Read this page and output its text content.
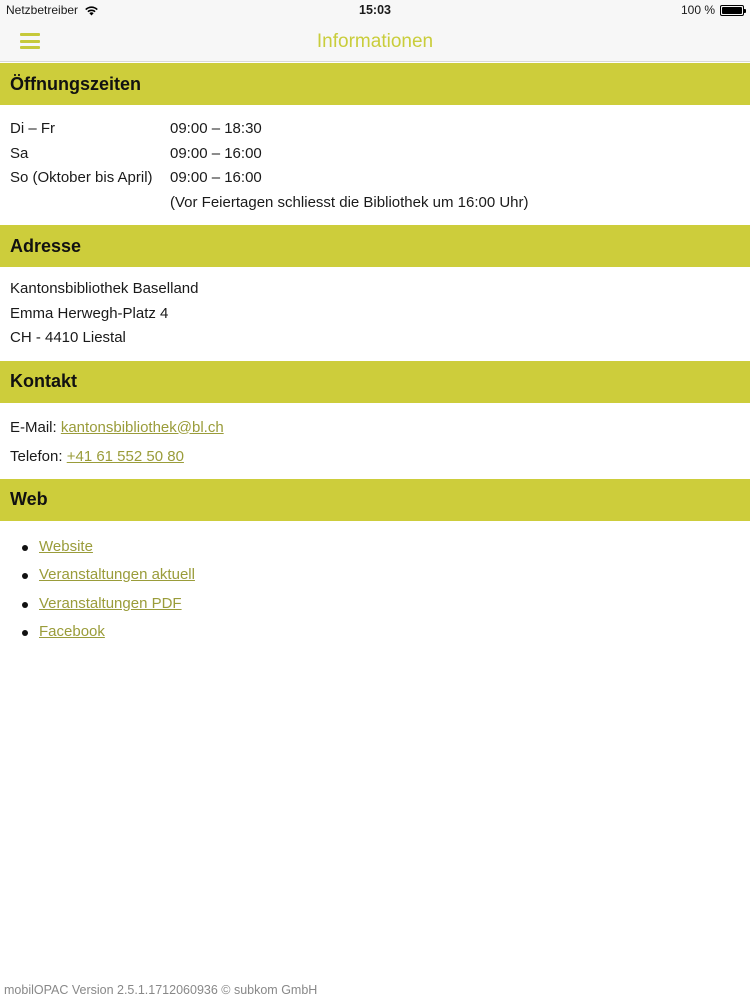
Netzbetreiber	15:03	100 %
Informationen
Öffnungszeiten
Di – Fr	09:00 – 18:30
Sa	09:00 – 16:00
So (Oktober bis April)	09:00 – 16:00
(Vor Feiertagen schliesst die Bibliothek um 16:00 Uhr)
Adresse
Kantonsbibliothek Baselland
Emma Herwegh-Platz 4
CH - 4410 Liestal
Kontakt
E-Mail: kantonsbibliothek@bl.ch
Telefon: +41 61 552 50 80
Web
Website
Veranstaltungen aktuell
Veranstaltungen PDF
Facebook
mobilOPAC Version 2.5.1.1712060936 © subkom GmbH
